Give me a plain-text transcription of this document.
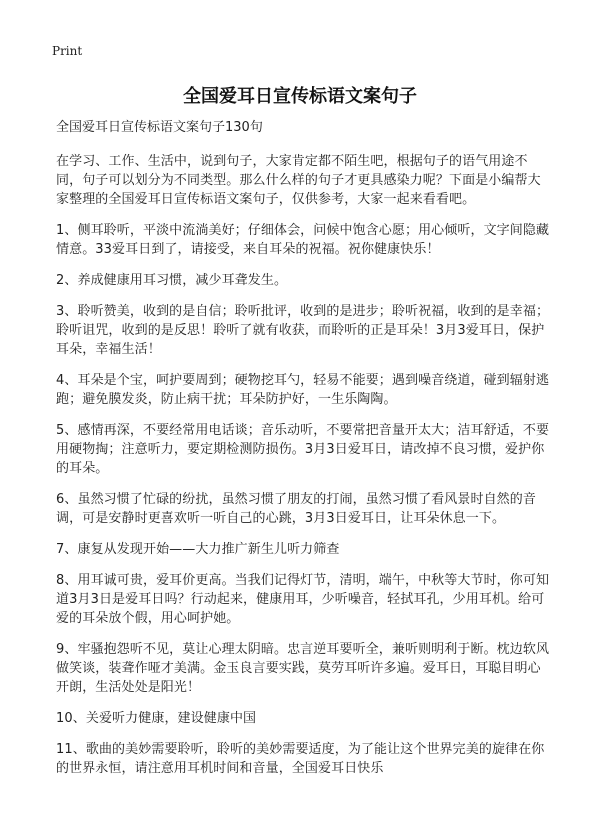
Print
全国爱耳日宣传标语文案句子

全国爱耳日宣传标语文案句子130句

在学习、工作、生活中，说到句子，大家肯定都不陌生吧，根据句子的语气用途不同，句子可以划分为不同类型。那么什么样的句子才更具感染力呢？下面是小编帮大家整理的全国爱耳日宣传标语文案句子，仅供参考，大家一起来看看吧。

1、侧耳聆听，平淡中流淌美好；仔细体会，问候中饱含心愿；用心倾听，文字间隐藏情意。33爱耳日到了，请接受，来自耳朵的祝福。祝你健康快乐！

2、养成健康用耳习惯，减少耳聋发生。

3、聆听赞美，收到的是自信；聆听批评，收到的是进步；聆听祝福，收到的是幸福；聆听诅咒，收到的是反思！聆听了就有收获，而聆听的正是耳朵！3月3爱耳日，保护耳朵，幸福生活！

4、耳朵是个宝，呵护要周到；硬物挖耳勺，轻易不能要；遇到噪音绕道，碰到辐射逃跑；避免膜发炎，防止病干扰；耳朵防护好，一生乐陶陶。

5、感情再深，不要经常用电话谈；音乐动听，不要常把音量开太大；洁耳舒适，不要用硬物掏；注意听力，要定期检测防损伤。3月3日爱耳日，请改掉不良习惯，爱护你的耳朵。

6、虽然习惯了忙碌的纷扰，虽然习惯了朋友的打闹，虽然习惯了看风景时自然的音调，可是安静时更喜欢听一听自己的心跳，3月3日爱耳日，让耳朵休息一下。

7、康复从发现开始——大力推广新生儿听力筛查

8、用耳诚可贵，爱耳价更高。当我们记得灯节，清明，端午，中秋等大节时，你可知道3月3日是爱耳日吗？行动起来，健康用耳，少听噪音，轻拭耳孔，少用耳机。给可爱的耳朵放个假，用心呵护她。

9、牢骚抱怨听不见，莫让心理太阴暗。忠言逆耳要听全，兼听则明利于断。枕边软风做笑谈，装聋作哑才美满。金玉良言要实践，莫劳耳听许多遍。爱耳日，耳聪目明心开朗，生活处处是阳光！

10、关爱听力健康，建设健康中国

11、歌曲的美妙需要聆听，聆听的美妙需要适度，为了能让这个世界完美的旋律在你的世界永恒，请注意用耳机时间和音量，全国爱耳日快乐
